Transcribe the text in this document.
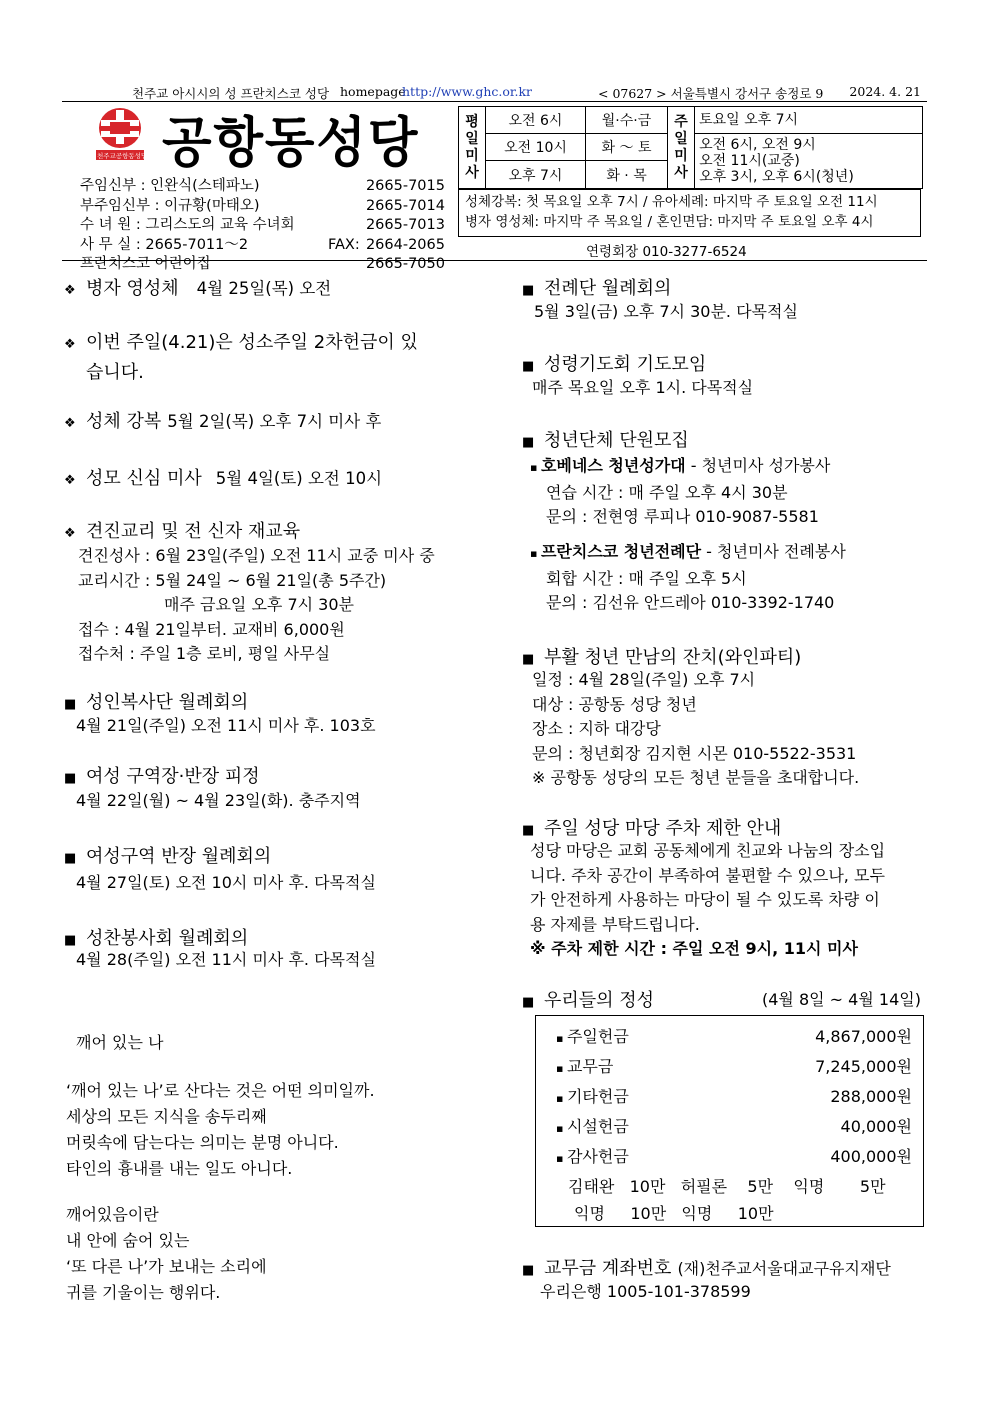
천주교 아시시의 성 프란치스코 성당 homepage
http://www.ghc.or.kr	< 07627 > 서울특별시 강서구 송정로 9 2024. 4. 21
천주교공항동성당 공항동성당
주임신부 : 인완식(스테파노)	2665-7015
부주임신부 : 이규황(마태오)	2665-7014
수 녀 원 : 그리스도의 교육 수녀회	2665-7013
사 무 실 : 2665-7011～2	FAX: 2664-2065
프란치스코 어린이집	2665-7050
평일미사	오전 6시	월·수·금	주일미사	토요일 오후 7시
	오전 10시	화 ～ 토		오전 6시, 오전 9시
오전 11시(교중)
오후 3시, 오후 6시(청년)

	오후 7시	화 · 목		
성체강복: 첫 목요일 오후 7시 / 유아세례: 마지막 주 토요일 오전 11시
병자 영성체: 마지막 주 목요일 / 혼인면담: 마지막 주 토요일 오후 4시
연령회장 010-3277-6524
❖ 병자 영성체 4월 25일(목) 오전
❖ 이번 주일(4.21)은 성소주일 2차헌금이 있
습니다.
❖ 성체 강복 5월 2일(목) 오후 7시 미사 후
❖ 성모 신심 미사 5월 4일(토) 오전 10시
❖ 견진교리 및 전 신자 재교육
견진성사 : 6월 23일(주일) 오전 11시 교중 미사 중
교리시간 : 5월 24일 ~ 6월 21일(총 5주간)
매주 금요일 오후 7시 30분
접수 : 4월 21일부터. 교재비 6,000원
접수처 : 주일 1층 로비, 평일 사무실
■ 성인복사단 월례회의
4월 21일(주일) 오전 11시 미사 후. 103호
■ 여성 구역장·반장 피정
4월 22일(월) ~ 4월 23일(화). 충주지역
■ 여성구역 반장 월례회의
4월 27일(토) 오전 10시 미사 후. 다목적실
■ 성찬봉사회 월례회의
4월 28(주일) 오전 11시 미사 후. 다목적실
깨어 있는 나
‘깨어 있는 나’로 산다는 것은 어떤 의미일까.
세상의 모든 지식을 송두리째
머릿속에 담는다는 의미는 분명 아니다.
타인의 흉내를 내는 일도 아니다.
깨어있음이란
내 안에 숨어 있는
‘또 다른 나’가 보내는 소리에
귀를 기울이는 행위다.
■ 전례단 월례회의
5월 3일(금) 오후 7시 30분. 다목적실
■ 성령기도회 기도모임
매주 목요일 오후 1시. 다목적실
■ 청년단체 단원모집
▪ 호베네스 청년성가대 - 청년미사 성가봉사
연습 시간 : 매 주일 오후 4시 30분
문의 : 전현영 루피나 010-9087-5581
▪ 프란치스코 청년전례단 - 청년미사 전례봉사
회합 시간 : 매 주일 오후 5시
문의 : 김선유 안드레아 010-3392-1740
■ 부활 청년 만남의 잔치(와인파티)
일정 : 4월 28일(주일) 오후 7시
대상 : 공항동 성당 청년
장소 : 지하 대강당
문의 : 청년회장 김지현 시몬 010-5522-3531
※ 공항동 성당의 모든 청년 분들을 초대합니다.
■ 주일 성당 마당 주차 제한 안내
성당 마당은 교회 공동체에게 친교와 나눔의 장소입
니다. 주차 공간이 부족하여 불편할 수 있으나, 모두
가 안전하게 사용하는 마당이 될 수 있도록 차량 이
용 자제를 부탁드립니다.
※ 주차 제한 시간 : 주일 오전 9시, 11시 미사
■ 우리들의 정성	(4월 8일 ~ 4월 14일)
▪ 주일헌금	4,867,000원
▪ 교무금	7,245,000원
▪ 기타헌금	288,000원
▪ 시설헌금	40,000원
▪ 감사헌금	400,000원
김태완   10만   허필론    5만    익명       5만
익명     10만   익명     10만
■ 교무금 계좌번호 (재)천주교서울대교구유지재단
우리은행 1005-101-378599
